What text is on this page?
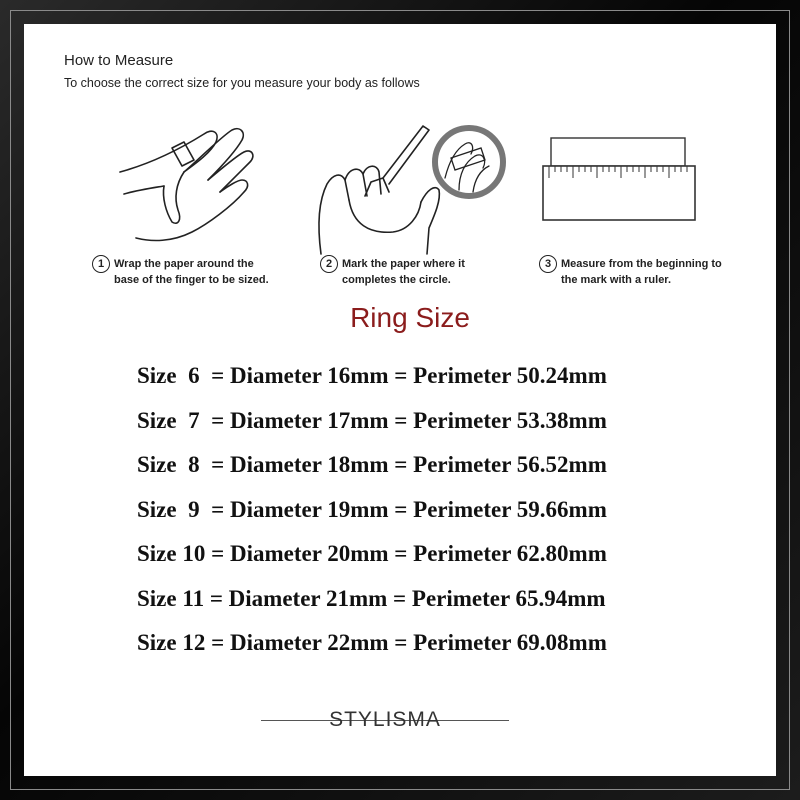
How to Measure
To choose the correct size for you measure your body as follows
1 Wrap the paper around the
base of the finger to be sized.
2 Mark the paper where it
completes the circle.
3 Measure from the beginning to
the mark with a ruler.
Ring Size
Size  6  = Diameter 16mm = Perimeter 50.24mm
Size  7  = Diameter 17mm = Perimeter 53.38mm
Size  8  = Diameter 18mm = Perimeter 56.52mm
Size  9  = Diameter 19mm = Perimeter 59.66mm
Size 10 = Diameter 20mm = Perimeter 62.80mm
Size 11 = Diameter 21mm = Perimeter 65.94mm
Size 12 = Diameter 22mm = Perimeter 69.08mm
STYLISMA
